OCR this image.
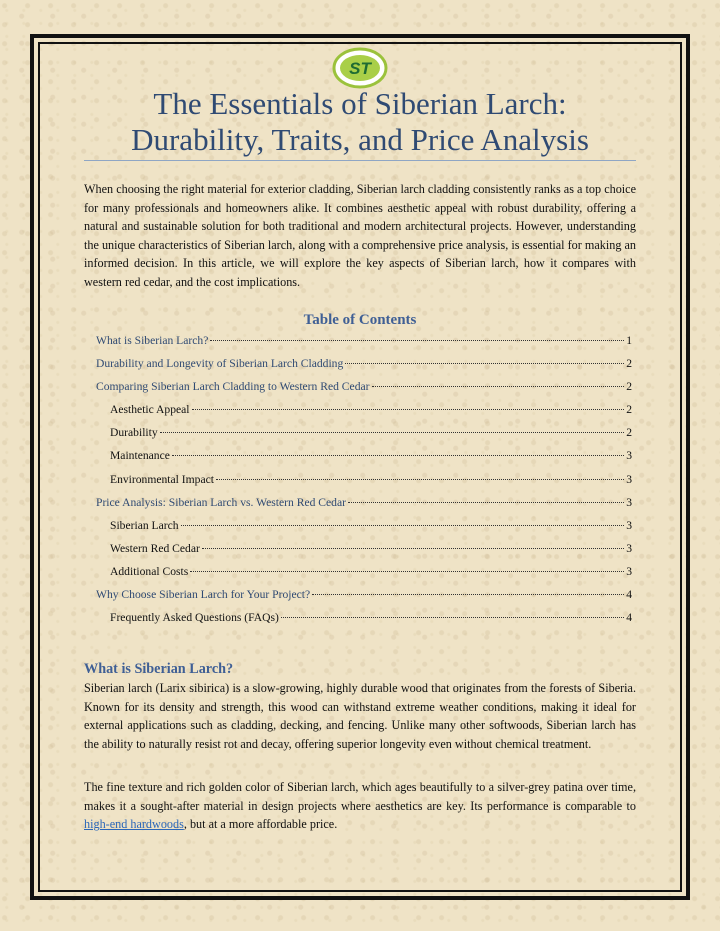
ST
The Essentials of Siberian Larch:
Durability, Traits, and Price Analysis

When choosing the right material for exterior cladding, Siberian larch cladding consistently ranks as a top choice for many professionals and homeowners alike. It combines aesthetic appeal with robust durability, offering a natural and sustainable solution for both traditional and modern architectural projects. However, understanding the unique characteristics of Siberian larch, along with a comprehensive price analysis, is essential for making an informed decision. In this article, we will explore the key aspects of Siberian larch, how it compares with western red cedar, and the cost implications.

Table of Contents
What is Siberian Larch?	1
Durability and Longevity of Siberian Larch Cladding	2
Comparing Siberian Larch Cladding to Western Red Cedar	2
Aesthetic Appeal	2
Durability	2
Maintenance	3
Environmental Impact	3
Price Analysis: Siberian Larch vs. Western Red Cedar	3
Siberian Larch	3
Western Red Cedar	3
Additional Costs	3
Why Choose Siberian Larch for Your Project?	4
Frequently Asked Questions (FAQs)	4
What is Siberian Larch?

Siberian larch (Larix sibirica) is a slow-growing, highly durable wood that originates from the forests of Siberia. Known for its density and strength, this wood can withstand extreme weather conditions, making it ideal for external applications such as cladding, decking, and fencing. Unlike many other softwoods, Siberian larch has the ability to naturally resist rot and decay, offering superior longevity even without chemical treatment.

The fine texture and rich golden color of Siberian larch, which ages beautifully to a silver-grey patina over time, makes it a sought-after material in design projects where aesthetics are key. Its performance is comparable to high-end hardwoods, but at a more affordable price.
